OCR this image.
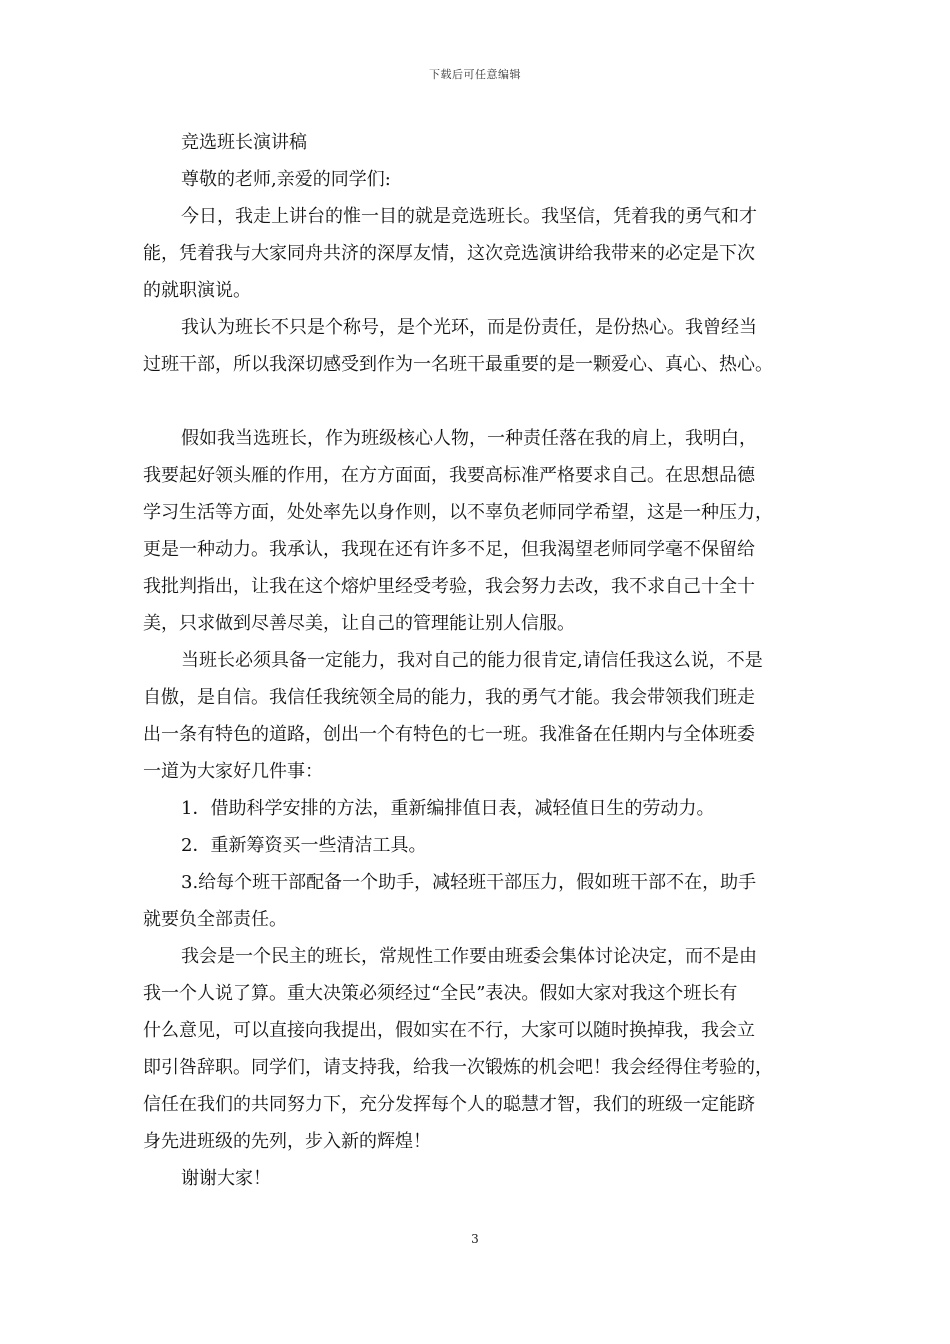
下载后可任意编辑
竞选班长演讲稿
尊敬的老师,亲爱的同学们:
今日，我走上讲台的惟一目的就是竞选班长。我坚信，凭着我的勇气和才
能，凭着我与大家同舟共济的深厚友情，这次竞选演讲给我带来的必定是下次
的就职演说。
我认为班长不只是个称号，是个光环，而是份责任，是份热心。我曾经当
过班干部，所以我深切感受到作为一名班干最重要的是一颗爱心、真心、热心。
假如我当选班长，作为班级核心人物，一种责任落在我的肩上，我明白，
我要起好领头雁的作用，在方方面面，我要高标准严格要求自己。在思想品德
学习生活等方面，处处率先以身作则，以不辜负老师同学希望，这是一种压力，
更是一种动力。我承认，我现在还有许多不足，但我渴望老师同学毫不保留给
我批判指出，让我在这个熔炉里经受考验，我会努力去改，我不求自己十全十
美，只求做到尽善尽美，让自己的管理能让别人信服。
当班长必须具备一定能力，我对自己的能力很肯定,请信任我这么说，不是
自傲，是自信。我信任我统领全局的能力，我的勇气才能。我会带领我们班走
出一条有特色的道路，创出一个有特色的七一班。我准备在任期内与全体班委
一道为大家好几件事：
1．借助科学安排的方法，重新编排值日表，减轻值日生的劳动力。
2．重新筹资买一些清洁工具。
3.给每个班干部配备一个助手，减轻班干部压力，假如班干部不在，助手
就要负全部责任。
我会是一个民主的班长，常规性工作要由班委会集体讨论决定，而不是由
我一个人说了算。重大决策必须经过“全民”表决。假如大家对我这个班长有
什么意见，可以直接向我提出，假如实在不行，大家可以随时换掉我，我会立
即引咎辞职。同学们，请支持我，给我一次锻炼的机会吧！我会经得住考验的，
信任在我们的共同努力下，充分发挥每个人的聪慧才智，我们的班级一定能跻
身先进班级的先列，步入新的辉煌！
谢谢大家！
3
